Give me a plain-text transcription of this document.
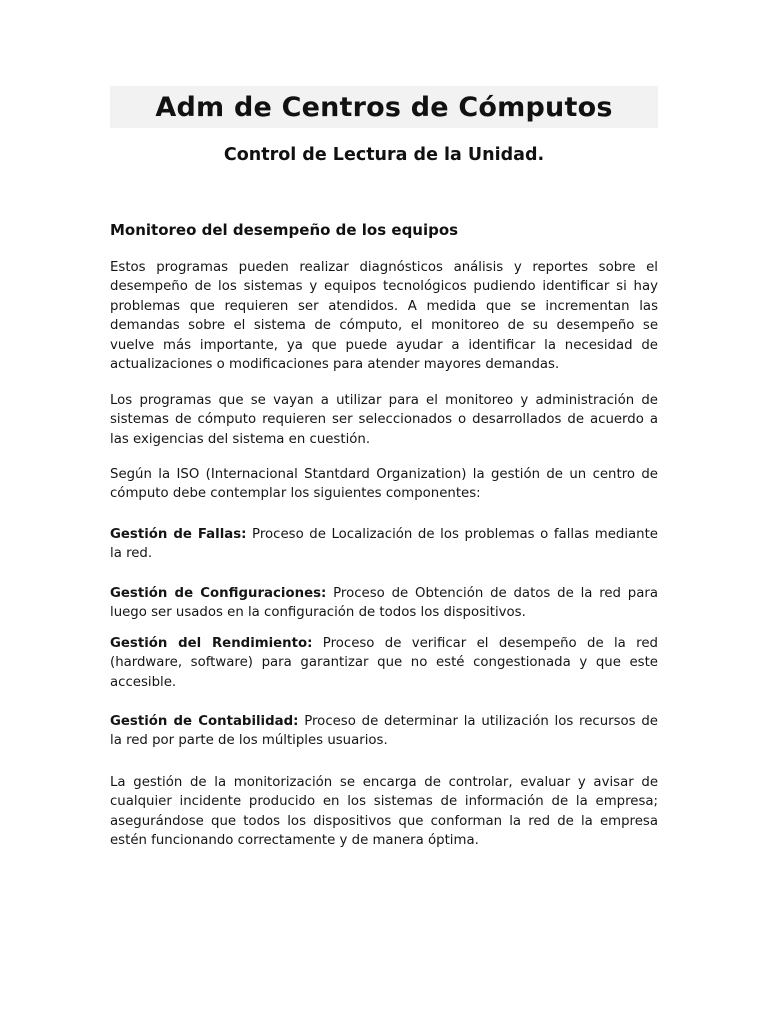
Adm de Centros de Cómputos
Control de Lectura de la Unidad.
Monitoreo del desempeño de los equipos

Estos programas pueden realizar diagnósticos análisis y reportes sobre el desempeño de los sistemas y equipos tecnológicos pudiendo identificar si hay problemas que requieren ser atendidos. A medida que se incrementan las demandas sobre el sistema de cómputo, el monitoreo de su desempeño se vuelve más importante, ya que puede ayudar a identificar la necesidad de actualizaciones o modificaciones para atender mayores demandas.

Los programas que se vayan a utilizar para el monitoreo y administración de sistemas de cómputo requieren ser seleccionados o desarrollados de acuerdo a las exigencias del sistema en cuestión.

Según la ISO (Internacional Stantdard Organization) la gestión de un centro de cómputo debe contemplar los siguientes componentes:

Gestión de Fallas: Proceso de Localización de los problemas o fallas mediante la red.

Gestión de Configuraciones: Proceso de Obtención de datos de la red para luego ser usados en la configuración de todos los dispositivos.

Gestión del Rendimiento: Proceso de verificar el desempeño de la red (hardware, software) para garantizar que no esté congestionada y que este accesible.

Gestión de Contabilidad: Proceso de determinar la utilización los recursos de la red por parte de los múltiples usuarios.

La gestión de la monitorización se encarga de controlar, evaluar y avisar de cualquier incidente producido en los sistemas de información de la empresa; asegurándose que todos los dispositivos que conforman la red de la empresa estén funcionando correctamente y de manera óptima.
